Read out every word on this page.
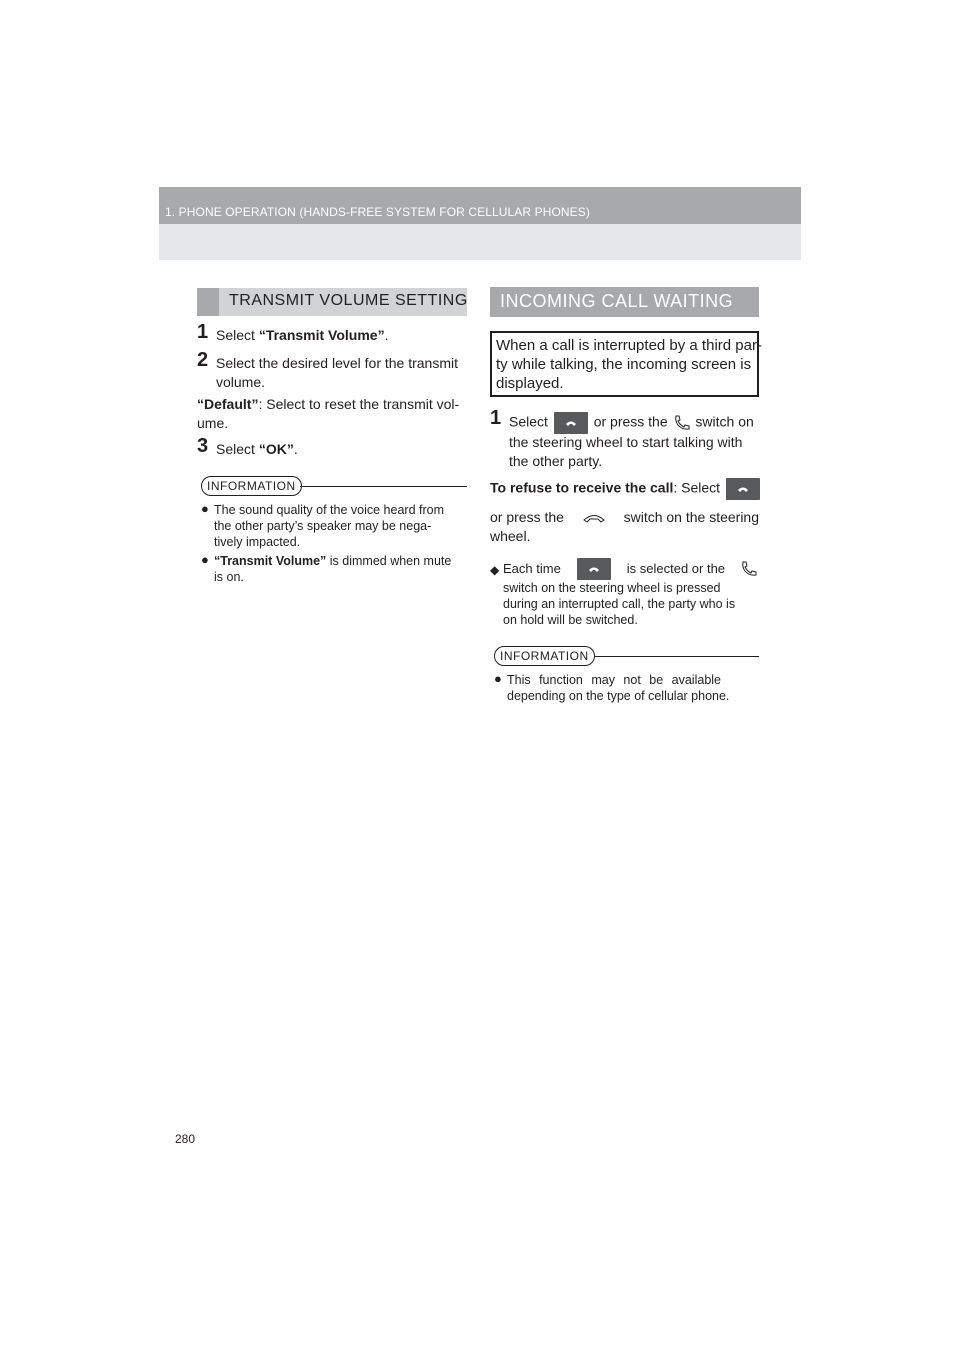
1. PHONE OPERATION (HANDS-FREE SYSTEM FOR CELLULAR PHONES)
TRANSMIT VOLUME SETTING
1 Select “Transmit Volume”.
2 Select the desired level for the transmit
volume.
“Default”: Select to reset the transmit vol-
ume.
3 Select “OK”.
INFORMATION
● The sound quality of the voice heard from
the other party’s speaker may be nega-
tively impacted.
● “Transmit Volume” is dimmed when mute
is on.
INCOMING CALL WAITING
When a call is interrupted by a third par-
ty while talking, the incoming screen is
displayed.
1 Select	or press the switch on
the steering wheel to start talking with
the other party.
To refuse to receive the call: Select
or press the	switch on the steering
wheel.
◆ Each time	is selected or the
switch on the steering wheel is pressed
during an interrupted call, the party who is
on hold will be switched.
INFORMATION
● This function may not be available
depending on the type of cellular phone.
280
